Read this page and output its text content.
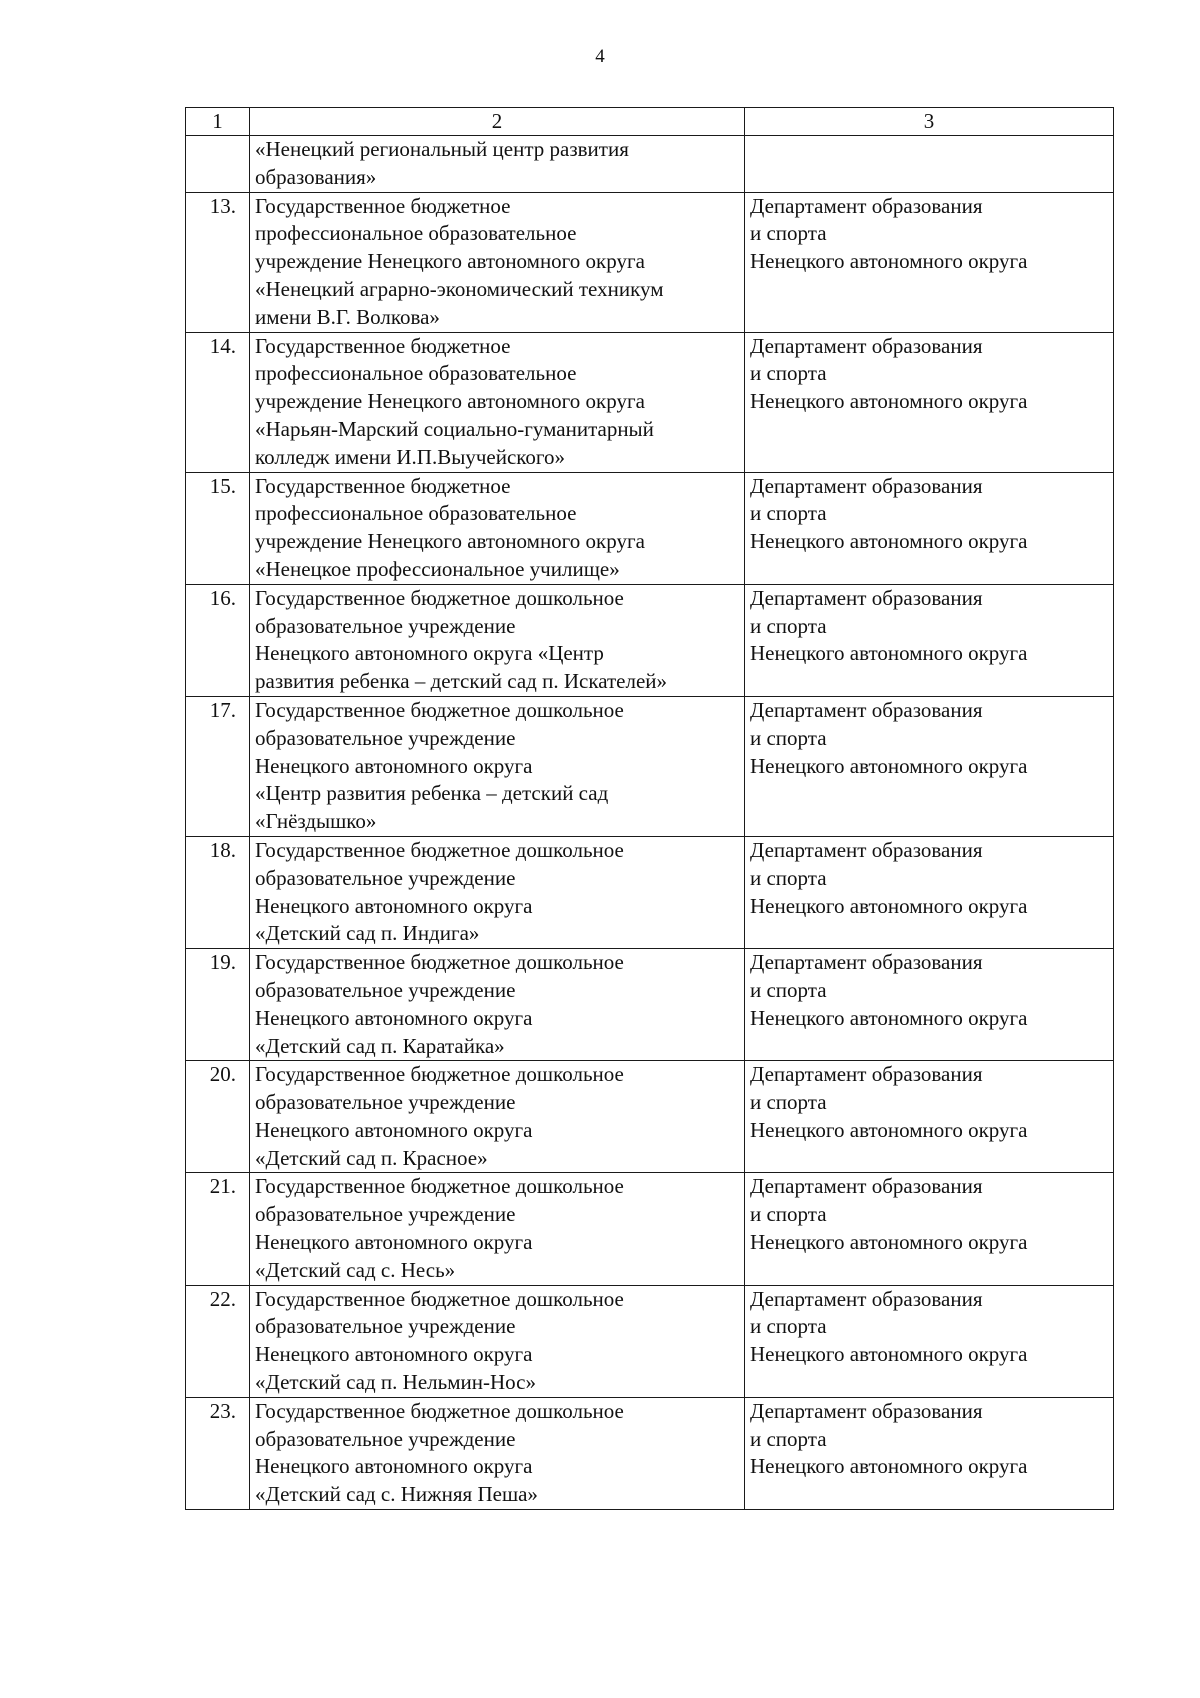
4
1	2	3

	«Ненецкий региональный центр развития
образования»	

13.	Государственное бюджетное
профессиональное образовательное
учреждение Ненецкого автономного округа
«Ненецкий аграрно-экономический техникум
имени В.Г. Волкова»	Департамент образования
и спорта
Ненецкого автономного округа

14.	Государственное бюджетное
профессиональное образовательное
учреждение Ненецкого автономного округа
«Нарьян-Марский социально-гуманитарный
колледж имени И.П.Выучейского»	Департамент образования
и спорта
Ненецкого автономного округа

15.	Государственное бюджетное
профессиональное образовательное
учреждение Ненецкого автономного округа
«Ненецкое профессиональное училище»	Департамент образования
и спорта
Ненецкого автономного округа

16.	Государственное бюджетное дошкольное
образовательное учреждение
Ненецкого автономного округа «Центр
развития ребенка – детский сад п. Искателей»	Департамент образования
и спорта
Ненецкого автономного округа

17.	Государственное бюджетное дошкольное
образовательное учреждение
Ненецкого автономного округа
«Центр развития ребенка – детский сад
«Гнёздышко»	Департамент образования
и спорта
Ненецкого автономного округа

18.	Государственное бюджетное дошкольное
образовательное учреждение
Ненецкого автономного округа
«Детский сад п. Индига»	Департамент образования
и спорта
Ненецкого автономного округа

19.	Государственное бюджетное дошкольное
образовательное учреждение
Ненецкого автономного округа
«Детский сад п. Каратайка»	Департамент образования
и спорта
Ненецкого автономного округа

20.	Государственное бюджетное дошкольное
образовательное учреждение
Ненецкого автономного округа
«Детский сад п. Красное»	Департамент образования
и спорта
Ненецкого автономного округа

21.	Государственное бюджетное дошкольное
образовательное учреждение
Ненецкого автономного округа
«Детский сад с. Несь»	Департамент образования
и спорта
Ненецкого автономного округа

22.	Государственное бюджетное дошкольное
образовательное учреждение
Ненецкого автономного округа
«Детский сад п. Нельмин-Нос»	Департамент образования
и спорта
Ненецкого автономного округа

23.	Государственное бюджетное дошкольное
образовательное учреждение
Ненецкого автономного округа
«Детский сад с. Нижняя Пеша»	Департамент образования
и спорта
Ненецкого автономного округа
